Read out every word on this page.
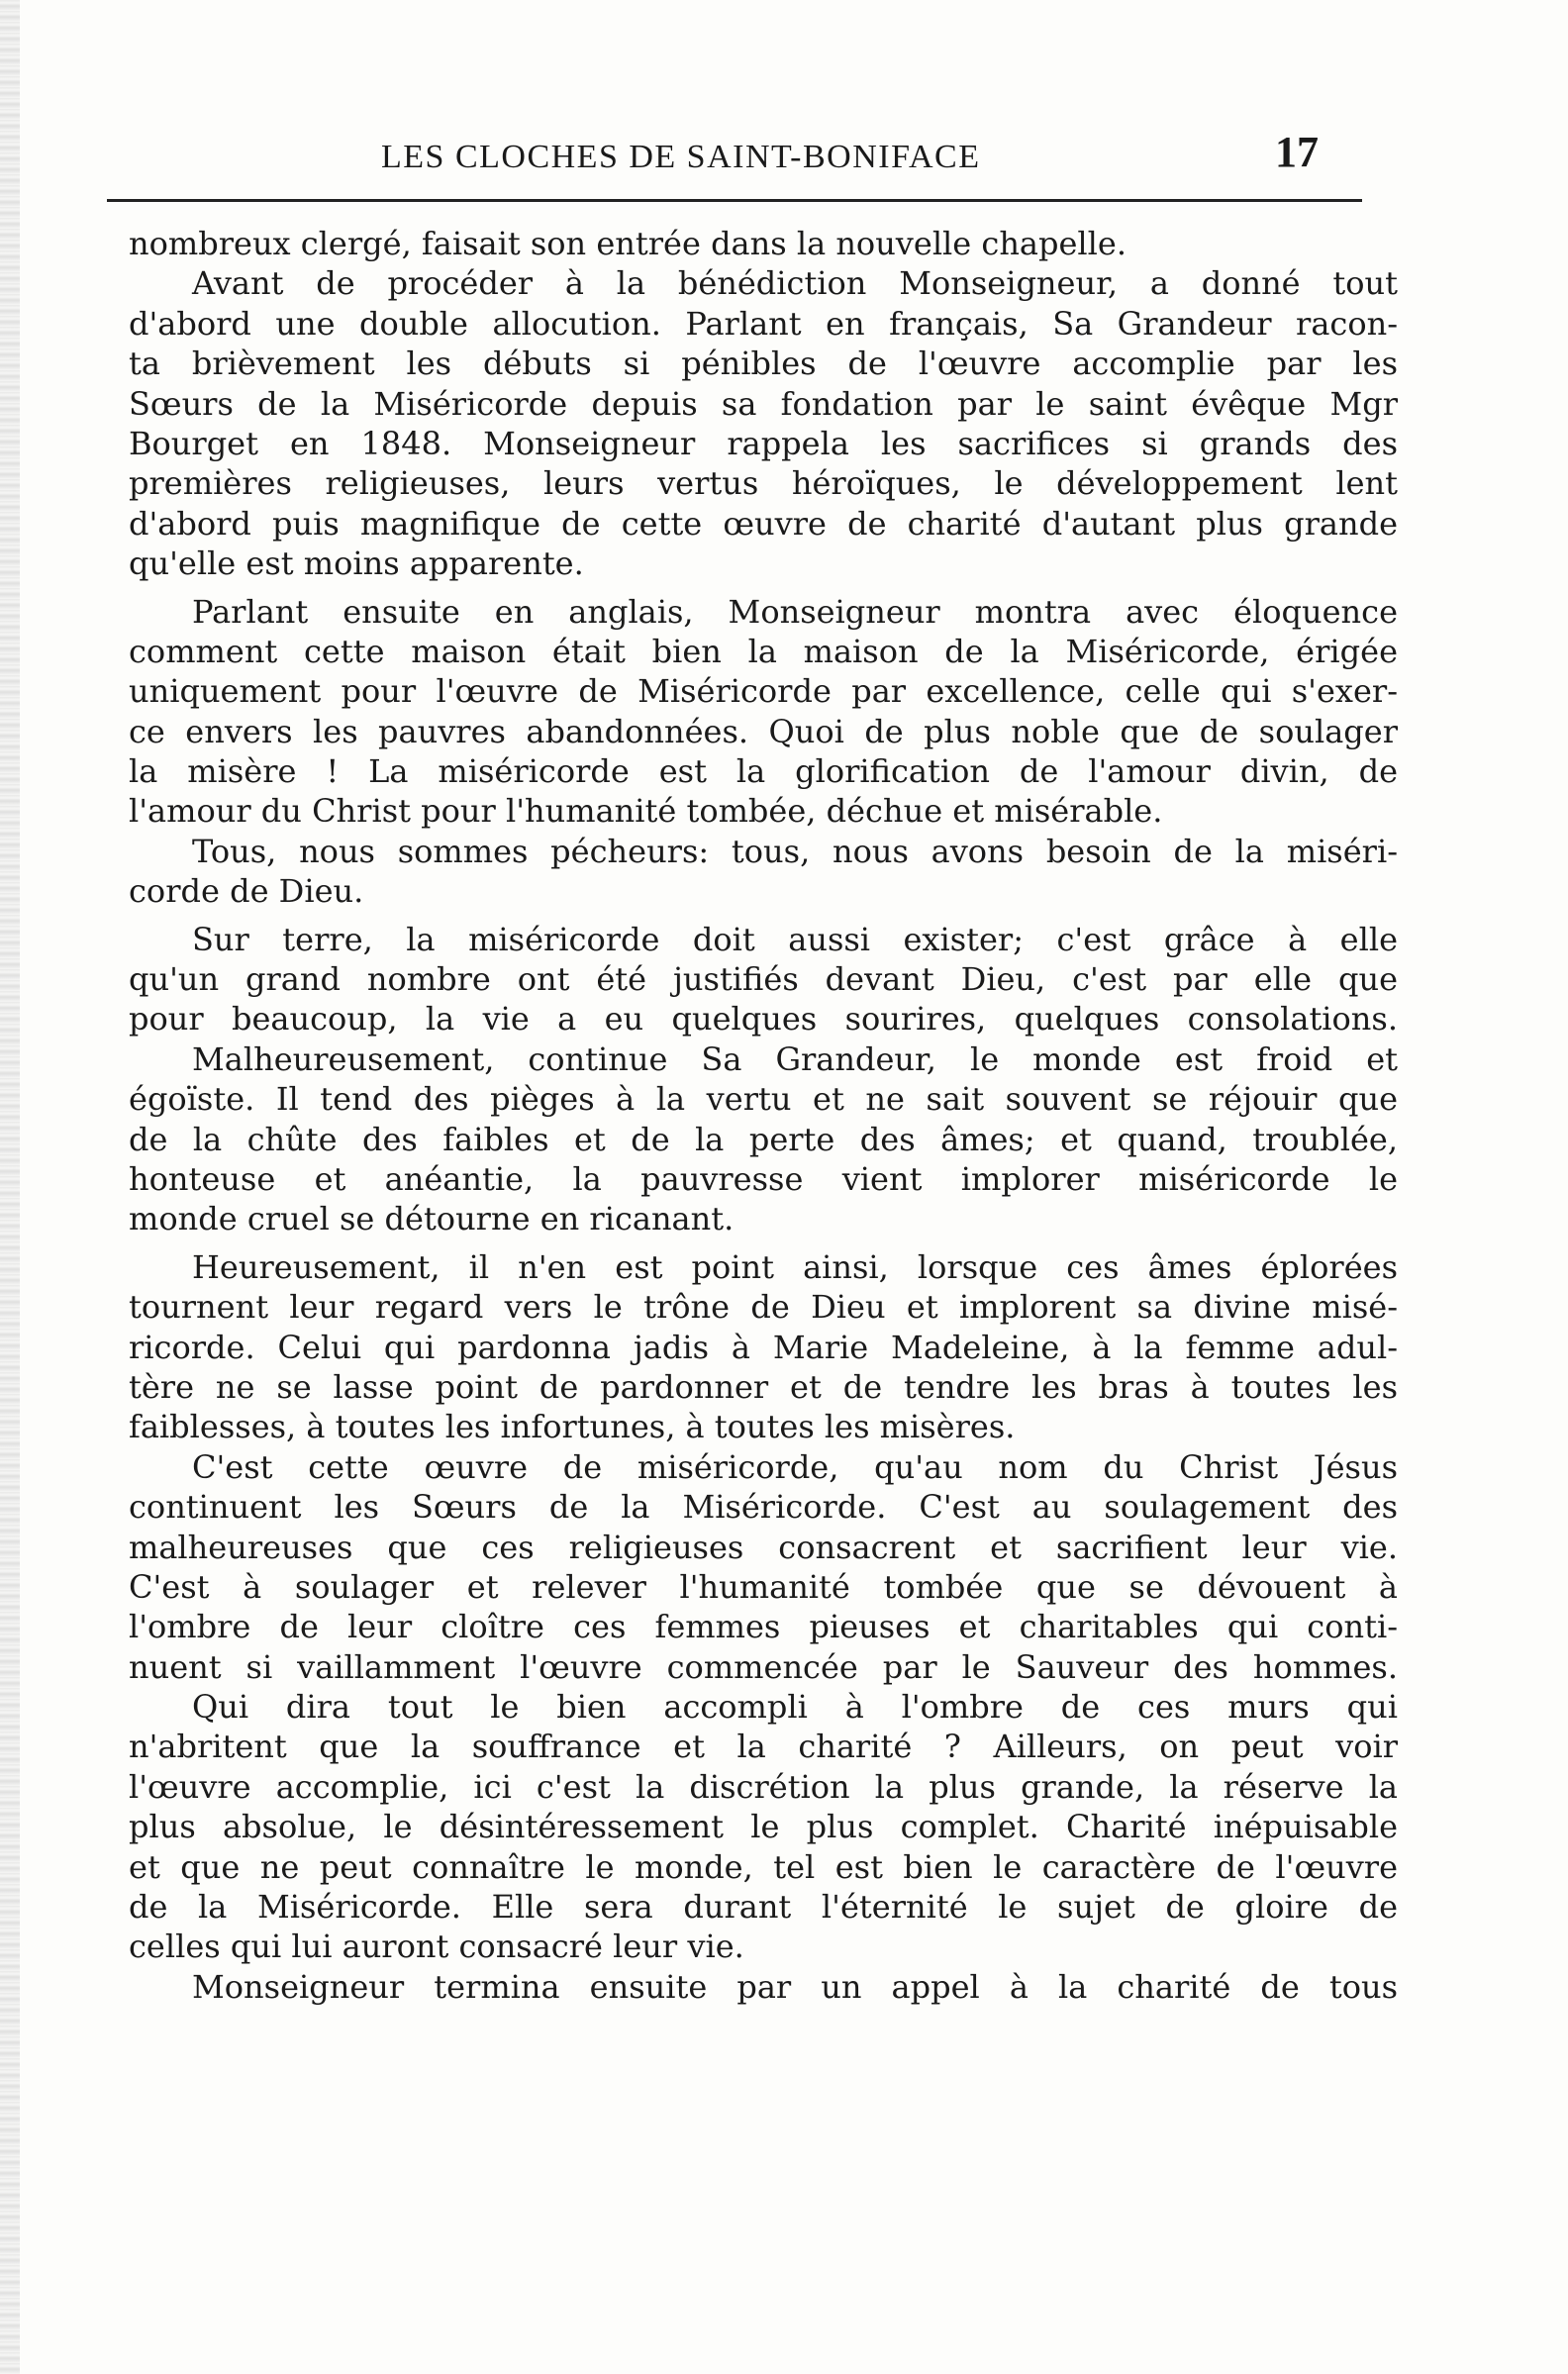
LES CLOCHES DE SAINT-BONIFACE	17
nombreux clergé, faisait son entrée dans la nouvelle chapelle.
Avant de procéder à la bénédiction Monseigneur, a donné tout
d'abord une double allocution. Parlant en français, Sa Grandeur racon-
ta brièvement les débuts si pénibles de l'œuvre accomplie par les
Sœurs de la Miséricorde depuis sa fondation par le saint évêque Mgr
Bourget en 1848. Monseigneur rappela les sacrifices si grands des
premières religieuses, leurs vertus héroïques, le développement lent
d'abord puis magnifique de cette œuvre de charité d'autant plus grande
qu'elle est moins apparente.
Parlant ensuite en anglais, Monseigneur montra avec éloquence
comment cette maison était bien la maison de la Miséricorde, érigée
uniquement pour l'œuvre de Miséricorde par excellence, celle qui s'exer-
ce envers les pauvres abandonnées. Quoi de plus noble que de soulager
la misère ! La miséricorde est la glorification de l'amour divin, de
l'amour du Christ pour l'humanité tombée, déchue et misérable.
Tous, nous sommes pécheurs: tous, nous avons besoin de la miséri-
corde de Dieu.
Sur terre, la miséricorde doit aussi exister; c'est grâce à elle
qu'un grand nombre ont été justifiés devant Dieu, c'est par elle que
pour beaucoup, la vie a eu quelques sourires, quelques consolations.
Malheureusement, continue Sa Grandeur, le monde est froid et
égoïste. Il tend des pièges à la vertu et ne sait souvent se réjouir que
de la chûte des faibles et de la perte des âmes; et quand, troublée,
honteuse et anéantie, la pauvresse vient implorer miséricorde le
monde cruel se détourne en ricanant.
Heureusement, il n'en est point ainsi, lorsque ces âmes éplorées
tournent leur regard vers le trône de Dieu et implorent sa divine misé-
ricorde. Celui qui pardonna jadis à Marie Madeleine, à la femme adul-
tère ne se lasse point de pardonner et de tendre les bras à toutes les
faiblesses, à toutes les infortunes, à toutes les misères.
C'est cette œuvre de miséricorde, qu'au nom du Christ Jésus
continuent les Sœurs de la Miséricorde. C'est au soulagement des
malheureuses que ces religieuses consacrent et sacrifient leur vie.
C'est à soulager et relever l'humanité tombée que se dévouent à
l'ombre de leur cloître ces femmes pieuses et charitables qui conti-
nuent si vaillamment l'œuvre commencée par le Sauveur des hommes.
Qui dira tout le bien accompli à l'ombre de ces murs qui
n'abritent que la souffrance et la charité ? Ailleurs, on peut voir
l'œuvre accomplie, ici c'est la discrétion la plus grande, la réserve la
plus absolue, le désintéressement le plus complet. Charité inépuisable
et que ne peut connaître le monde, tel est bien le caractère de l'œuvre
de la Miséricorde. Elle sera durant l'éternité le sujet de gloire de
celles qui lui auront consacré leur vie.
Monseigneur termina ensuite par un appel à la charité de tous
